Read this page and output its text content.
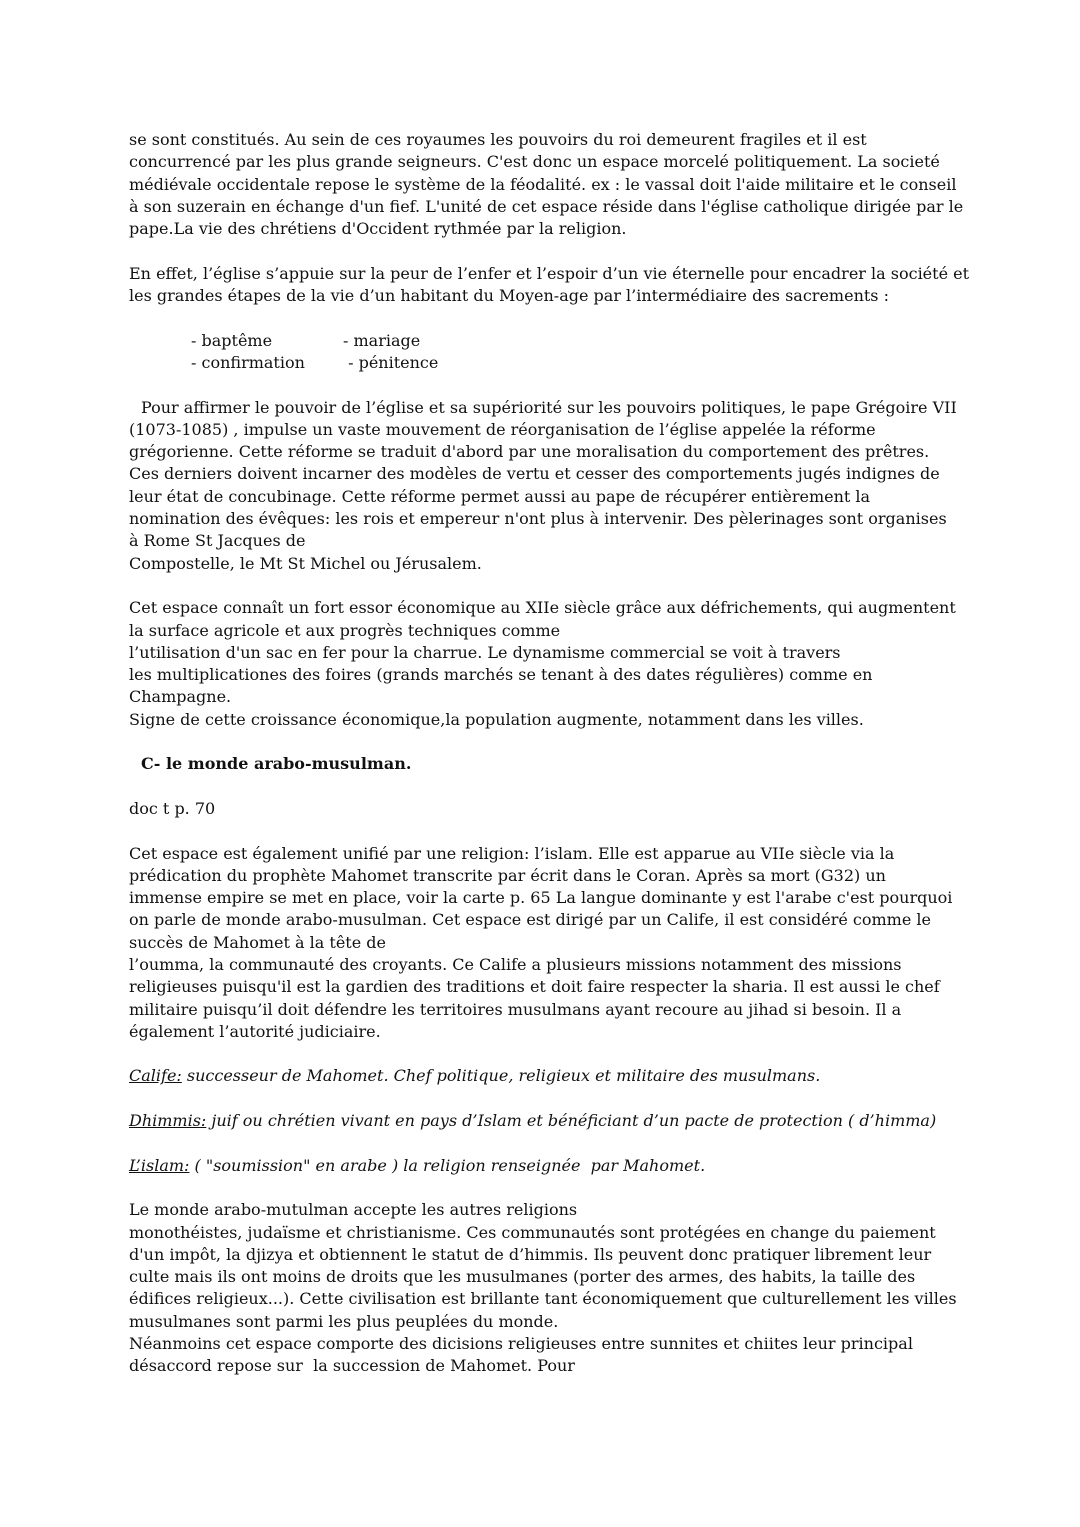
se sont constitués. Au sein de ces royaumes les pouvoirs du roi demeurent fragiles et il est
concurrencé par les plus grande seigneurs. C'est donc un espace morcelé politiquement. La societé
médiévale occidentale repose le système de la féodalité. ex : le vassal doit l'aide militaire et le conseil
à son suzerain en échange d'un fief. L'unité de cet espace réside dans l'église catholique dirigée par le
pape.La vie des chrétiens d'Occident rythmée par la religion.
En effet, l’église s’appuie sur la peur de l’enfer et l’espoir d’un vie éternelle pour encadrer la société et
les grandes étapes de la vie d’un habitant du Moyen-age par l’intermédiaire des sacrements :
- baptême	- mariage
- confirmation	- pénitence
Pour affirmer le pouvoir de l’église et sa supériorité sur les pouvoirs politiques, le pape Grégoire VII
(1073-1085) , impulse un vaste mouvement de réorganisation de l’église appelée la réforme
grégorienne. Cette réforme se traduit d'abord par une moralisation du comportement des prêtres.
Ces derniers doivent incarner des modèles de vertu et cesser des comportements jugés indignes de
leur état de concubinage. Cette réforme permet aussi au pape de récupérer entièrement la
nomination des évêques: les rois et empereur n'ont plus à intervenir. Des pèlerinages sont organises
à Rome St Jacques de
Compostelle, le Mt St Michel ou Jérusalem.
Cet espace connaît un fort essor économique au XIIe siècle grâce aux défrichements, qui augmentent
la surface agricole et aux progrès techniques comme
l’utilisation d'un sac en fer pour la charrue. Le dynamisme commercial se voit à travers
les multiplicationes des foires (grands marchés se tenant à des dates régulières) comme en
Champagne.
Signe de cette croissance économique,la population augmente, notamment dans les villes.
C- le monde arabo-musulman.
doc t p. 70
Cet espace est également unifié par une religion: l’islam. Elle est apparue au VIIe siècle via la
prédication du prophète Mahomet transcrite par écrit dans le Coran. Après sa mort (G32) un
immense empire se met en place, voir la carte p. 65 La langue dominante y est l'arabe c'est pourquoi
on parle de monde arabo-musulman. Cet espace est dirigé par un Calife, il est considéré comme le
succès de Mahomet à la tête de
l’oumma, la communauté des croyants. Ce Calife a plusieurs missions notamment des missions
religieuses puisqu'il est la gardien des traditions et doit faire respecter la sharia. Il est aussi le chef
militaire puisqu’il doit défendre les territoires musulmans ayant recoure au jihad si besoin. Il a
également l’autorité judiciaire.
Calife: successeur de Mahomet. Chef politique, religieux et militaire des musulmans.
Dhimmis: juif ou chrétien vivant en pays d’Islam et bénéficiant d’un pacte de protection ( d’himma)
L’islam: ( "soumission" en arabe ) la religion renseignée  par Mahomet.
Le monde arabo-mutulman accepte les autres religions
monothéistes, judaïsme et christianisme. Ces communautés sont protégées en change du paiement
d'un impôt, la djizya et obtiennent le statut de d’himmis. Ils peuvent donc pratiquer librement leur
culte mais ils ont moins de droits que les musulmanes (porter des armes, des habits, la taille des
édifices religieux...). Cette civilisation est brillante tant économiquement que culturellement les villes
musulmanes sont parmi les plus peuplées du monde.
Néanmoins cet espace comporte des dicisions religieuses entre sunnites et chiites leur principal
désaccord repose sur  la succession de Mahomet. Pour
